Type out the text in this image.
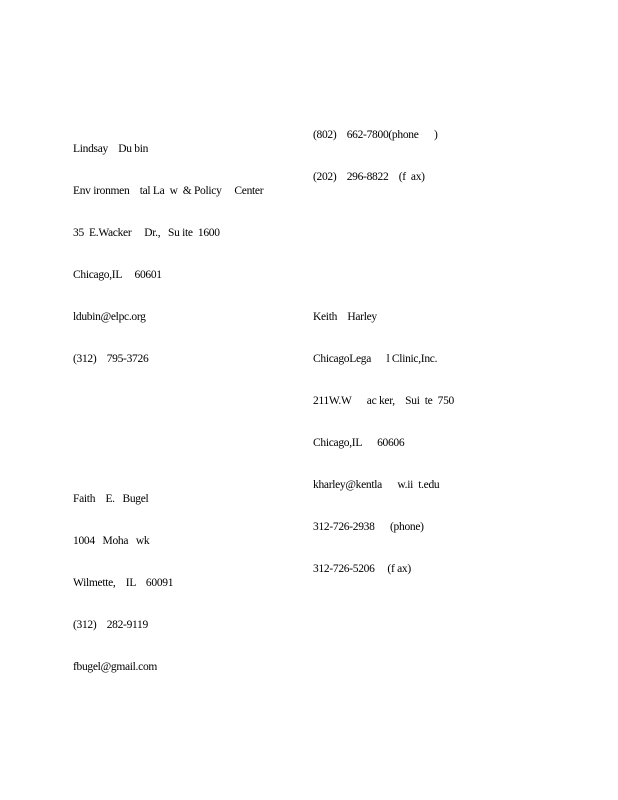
Lindsay    Du bin

Env ironmen    tal La  w  & Policy     Center

35  E.Wacker     Dr.,   Su ite  1600

Chicago,IL     60601

ldubin@elpc.org

(312)    795-3726

Faith    E.   Bugel

1004   Moha   wk

Wilmette,    IL    60091

(312)    282-9119

fbugel@gmail.com

(802)    662-7800(phone      )

(202)    296-8822    (f  ax)

Keith    Harley

ChicagoLega      l Clinic,Inc.

211W.W      ac ker,    Sui  te  750

Chicago,IL      60606

kharley@kentla      w.ii  t.edu

312-726-2938      (phone)

312-726-5206     (f ax)
